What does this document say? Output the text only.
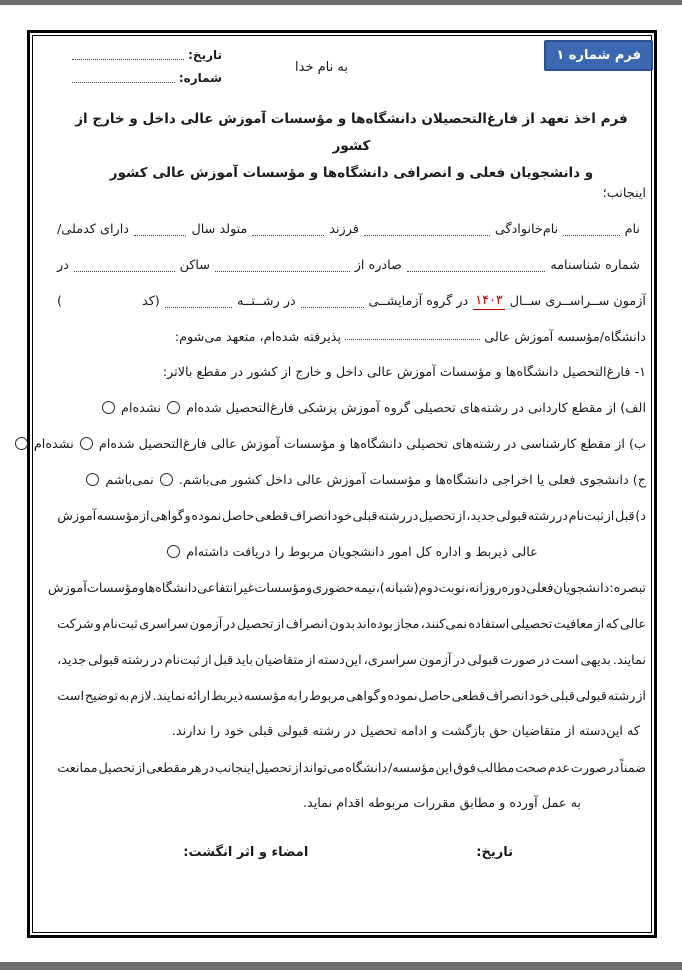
فرم شماره ۱
تاریخ:
شماره:
به نام خدا
فرم اخذ تعهد از فارغ‌التحصیلان دانشگاه‌ها و مؤسسات آموزش عالی داخل و خارج از کشور
و دانشجویان فعلی و انصرافی دانشگاه‌ها و مؤسسات آموزش عالی کشور
اینجانب؛
نام
نام‌خانوادگی
فرزند
متولد سال
دارای کدملی/
شماره شناسنامه
صادره از
ساکن
در
آزمون ســراســری ســال
۱۴۰۳
در گروه آزمایشــی
در رشــتــه
(کد
)
دانشگاه/مؤسسه آموزش عالی  پذیرفته شده‌ام، متعهد می‌شوم:
۱- فارغ‌التحصیل دانشگاه‌ها و مؤسسات آموزش عالی داخل و خارج از کشور در مقطع بالاتر:
الف) از مقطع کاردانی در رشته‌های تحصیلی گروه آموزش پزشکی فارغ‌التحصیل شده‌ام  نشده‌ام
ب) از مقطع کارشناسی در رشته‌های تحصیلی دانشگاه‌ها و مؤسسات آموزش عالی فارغ‌التحصیل شده‌ام  نشده‌ام
ج) دانشجوی فعلی یا اخراجی دانشگاه‌ها و مؤسسات آموزش عالی داخل کشور می‌باشم.  نمی‌باشم
د)
قبل
از
ثبت‌نام
در
رشته
قبولی
جدید،
از
تحصیل
در
رشته
قبلی
خود
انصراف
قطعی
حاصل
نموده
و
گواهی
از
مؤسسه
آموزش
عالی ذیربط و اداره کل امور دانشجویان مربوط را دریافت داشته‌ام
تبصره:
دانشجویان
فعلی
دوره
روزانه،
نوبت
دوم
(شبانه)،
نیمه
حضوری
و
مؤسسات
غیرانتفاعی
دانشگاه‌ها
و
مؤسسات
آموزش
عالی
که
از
معافیت
تحصیلی
استفاده
نمی‌کنند،
مجاز
بوده‌اند
بدون
انصراف
از
تحصیل
در
آزمون
سراسری
ثبت‌نام
و
شرکت
نمایند.
بدیهی
است
در
صورت
قبولی
در
آزمون
سراسری،
این‌دسته
از
متقاضیان
باید
قبل
از
ثبت‌نام
در
رشته
قبولی
جدید،
از
رشته
قبولی
قبلی
خود
انصراف
قطعی
حاصل
نموده
و
گواهی
مربوط
را
به
مؤسسه
ذیربط
ارائه
نمایند.
لازم
به
توضیح
است
که این‌دسته از متقاضیان حق بازگشت و ادامه تحصیل در رشته قبولی قبلی خود را ندارند.
ضمناً
در
صورت
عدم
صحت
مطالب
فوق
این
مؤسسه/
دانشگاه
می‌تواند
از
تحصیل
اینجانب
در
هر
مقطعی
از
تحصیل
ممانعت
به عمل آورده و مطابق مقررات مربوطه اقدام نماید.
تاریخ:
امضاء و اثر انگشت:
